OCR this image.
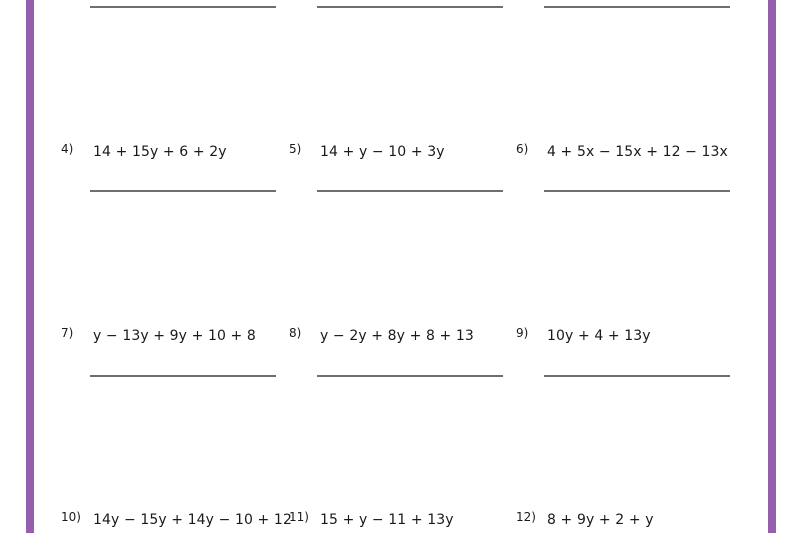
4) 14 + 15y + 6 + 2y	5) 14 + y − 10 + 3y	6) 4 + 5x − 15x + 12 − 13x
7) y − 13y + 9y + 10 + 8	8) y − 2y + 8y + 8 + 13	9) 10y + 4 + 13y
10) 14y − 15y + 14y − 10 + 12
11) 15 + y − 11 + 13y	12) 8 + 9y + 2 + y
